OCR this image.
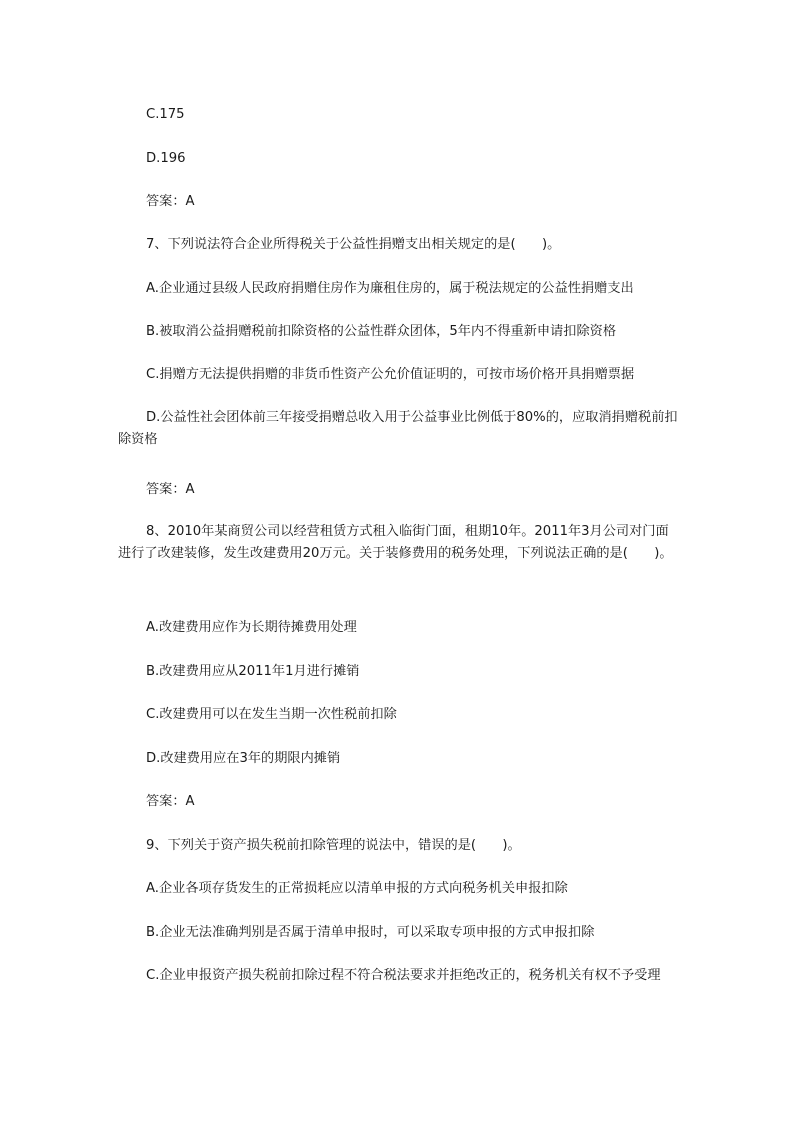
C.175
D.196
答案：A
7、下列说法符合企业所得税关于公益性捐赠支出相关规定的是(　　)。
A.企业通过县级人民政府捐赠住房作为廉租住房的，属于税法规定的公益性捐赠支出
B.被取消公益捐赠税前扣除资格的公益性群众团体，5年内不得重新申请扣除资格
C.捐赠方无法提供捐赠的非货币性资产公允价值证明的，可按市场价格开具捐赠票据
D.公益性社会团体前三年接受捐赠总收入用于公益事业比例低于80%的，应取消捐赠税前扣除资格
答案：A
8、2010年某商贸公司以经营租赁方式租入临街门面，租期10年。2011年3月公司对门面进行了改建装修，发生改建费用20万元。关于装修费用的税务处理，下列说法正确的是(　　)。
A.改建费用应作为长期待摊费用处理
B.改建费用应从2011年1月进行摊销
C.改建费用可以在发生当期一次性税前扣除
D.改建费用应在3年的期限内摊销
答案：A
9、下列关于资产损失税前扣除管理的说法中，错误的是(　　)。
A.企业各项存货发生的正常损耗应以清单申报的方式向税务机关申报扣除
B.企业无法准确判别是否属于清单申报时，可以采取专项申报的方式申报扣除
C.企业申报资产损失税前扣除过程不符合税法要求并拒绝改正的，税务机关有权不予受理
